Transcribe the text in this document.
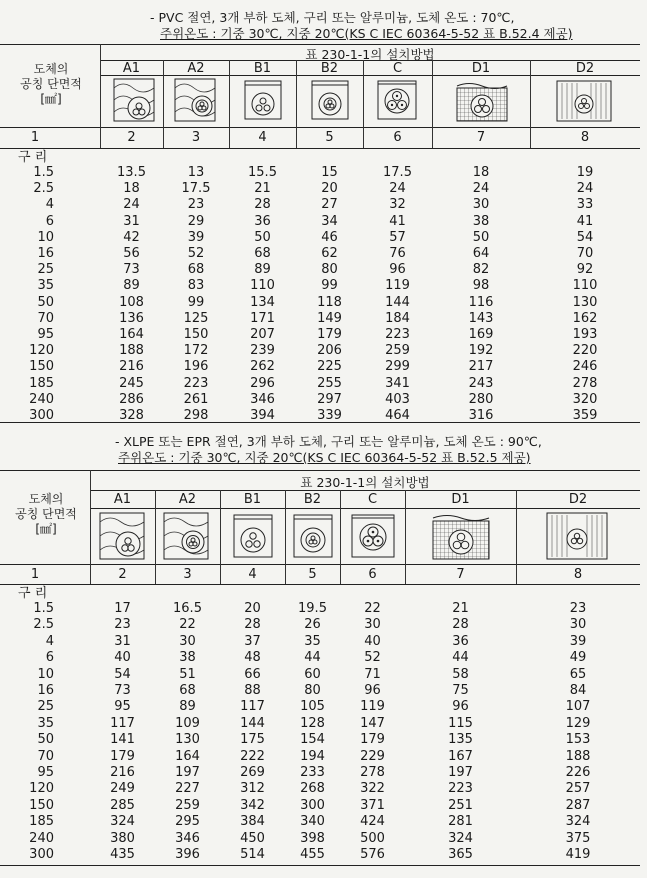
- PVC 절연, 3개 부하 도체, 구리 또는 알루미늄, 도체 온도 : 70℃,
주위온도 : 기중 30℃, 지중 20℃(KS C IEC 60364-5-52 표 B.52.4 제공)
도체의
공칭 단면적
[㎟]
표 230-1-1의 설치방법
A1	A2	B1	B2	C	D1	D2
1	2	3	4	5	6	7	8
구 리
1.5	13.5	13	15.5	15	17.5	18	19
2.5	18	17.5	21	20	24	24	24
4	24	23	28	27	32	30	33
6	31	29	36	34	41	38	41
10	42	39	50	46	57	50	54
16	56	52	68	62	76	64	70
25	73	68	89	80	96	82	92
35	89	83	110	99	119	98	110
50	108	99	134	118	144	116	130
70	136	125	171	149	184	143	162
95	164	150	207	179	223	169	193
120	188	172	239	206	259	192	220
150	216	196	262	225	299	217	246
185	245	223	296	255	341	243	278
240	286	261	346	297	403	280	320
300	328	298	394	339	464	316	359
- XLPE 또는 EPR 절연, 3개 부하 도체, 구리 또는 알루미늄, 도체 온도 : 90℃,
주위온도 : 기중 30℃, 지중 20℃(KS C IEC 60364-5-52 표 B.52.5 제공)
도체의
공칭 단면적
[㎟]
표 230-1-1의 설치방법
A1	A2	B1	B2	C	D1	D2
1	2	3	4	5	6	7	8
구 리
1.5	17	16.5	20	19.5	22	21	23
2.5	23	22	28	26	30	28	30
4	31	30	37	35	40	36	39
6	40	38	48	44	52	44	49
10	54	51	66	60	71	58	65
16	73	68	88	80	96	75	84
25	95	89	117	105	119	96	107
35	117	109	144	128	147	115	129
50	141	130	175	154	179	135	153
70	179	164	222	194	229	167	188
95	216	197	269	233	278	197	226
120	249	227	312	268	322	223	257
150	285	259	342	300	371	251	287
185	324	295	384	340	424	281	324
240	380	346	450	398	500	324	375
300	435	396	514	455	576	365	419
